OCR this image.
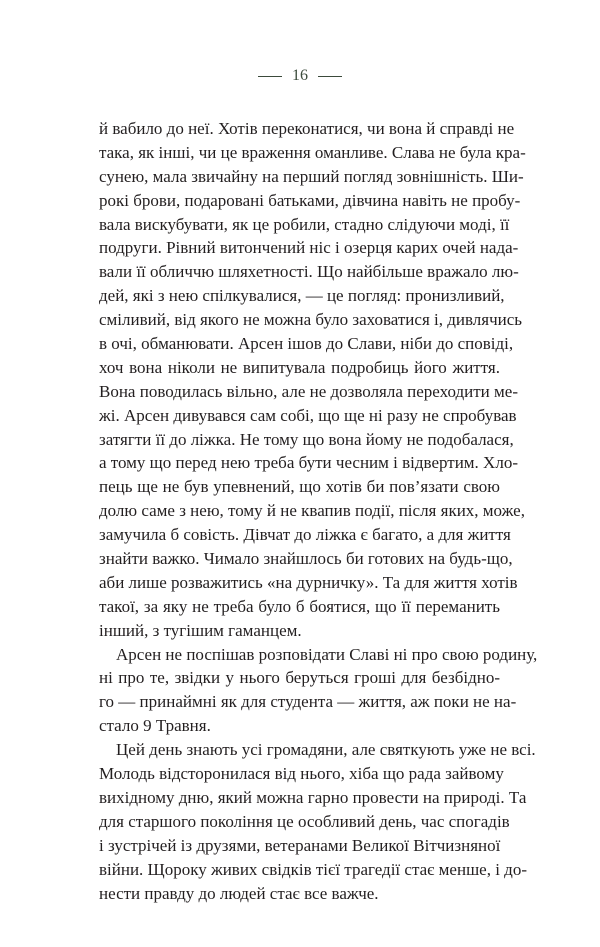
16
й вабило до неї. Хотів переконатися, чи вона й справді не
така, як інші, чи це враження оманливе. Слава не була кра-
сунею, мала звичайну на перший погляд зовнішність. Ши-
рокі брови, подаровані батьками, дівчина навіть не пробу-
вала вискубувати, як це робили, стадно слідуючи моді, її
подруги. Рівний витончений ніс і озерця карих очей нада-
вали її обличчю шляхетності. Що найбільше вражало лю-
дей, які з нею спілкувалися, — це погляд: пронизливий,
сміливий, від якого не можна було заховатися і, дивлячись
в очі, обманювати. Арсен ішов до Слави, ніби до сповіді,
хоч вона ніколи не випитувала подробиць його життя.
Вона поводилась вільно, але не дозволяла переходити ме-
жі. Арсен дивувався сам собі, що ще ні разу не спробував
затягти її до ліжка. Не тому що вона йому не подобалася,
а тому що перед нею треба бути чесним і відвертим. Хло-
пець ще не був упевнений, що хотів би пов’язати свою
долю саме з нею, тому й не квапив події, після яких, може,
замучила б совість. Дівчат до ліжка є багато, а для життя
знайти важко. Чимало знайшлось би готових на будь-що,
аби лише розважитись «на дурничку». Та для життя хотів
такої, за яку не треба було б боятися, що її переманить
інший, з тугішим гаманцем.
Арсен не поспішав розповідати Славі ні про свою родину,
ні про те, звідки у нього беруться гроші для безбідно-
го — принаймні як для студента — життя, аж поки не на-
стало 9 Травня.
Цей день знають усі громадяни, але святкують уже не всі.
Молодь відсторонилася від нього, хіба що рада зайвому
вихідному дню, який можна гарно провести на природі. Та
для старшого покоління це особливий день, час спогадів
і зустрічей із друзями, ветеранами Великої Вітчизняної
війни. Щороку живих свідків тієї трагедії стає менше, і до-
нести правду до людей стає все важче.
